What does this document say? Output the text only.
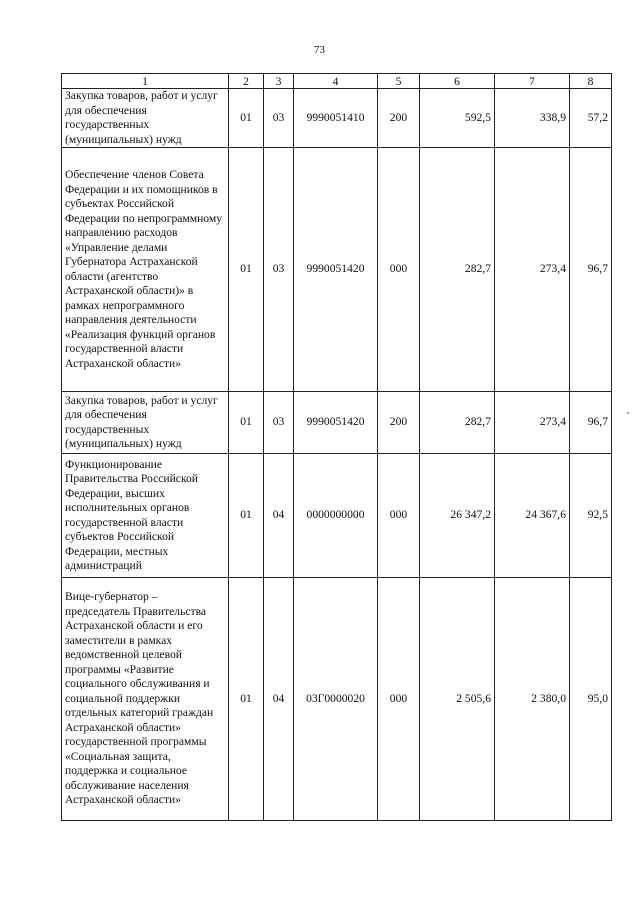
73
1	2	3	4	5	6	7	8
Закупка товаров, работ и услуг для обеспечения государственных (муниципальных) нужд	01	03	9990051410	200	592,5	338,9	57,2
Обеспечение членов Совета Федерации и их помощников в субъектах Российской Федерации по непрограммному направлению расходов «Управление делами Губернатора Астраханской области (агентство Астраханской области)» в рамках непрограммного направления деятельности «Реализация функций органов государственной власти Астраханской области»	01	03	9990051420	000	282,7	273,4	96,7
Закупка товаров, работ и услуг для обеспечения государственных (муниципальных) нужд	01	03	9990051420	200	282,7	273,4	96,7
Функционирование Правительства Российской Федерации, высших исполнительных органов государственной власти субъектов Российской Федерации, местных администраций	01	04	0000000000	000	26 347,2	24 367,6	92,5
Вице-губернатор – председатель Правительства Астраханской области и его заместители в рамках ведомственной целевой программы «Развитие социального обслуживания и социальной поддержки отдельных категорий граждан Астраханской области» государственной программы «Социальная защита, поддержка и социальное обслуживание населения Астраханской области»	01	04	03Г0000020	000	2 505,6	2 380,0	95,0
